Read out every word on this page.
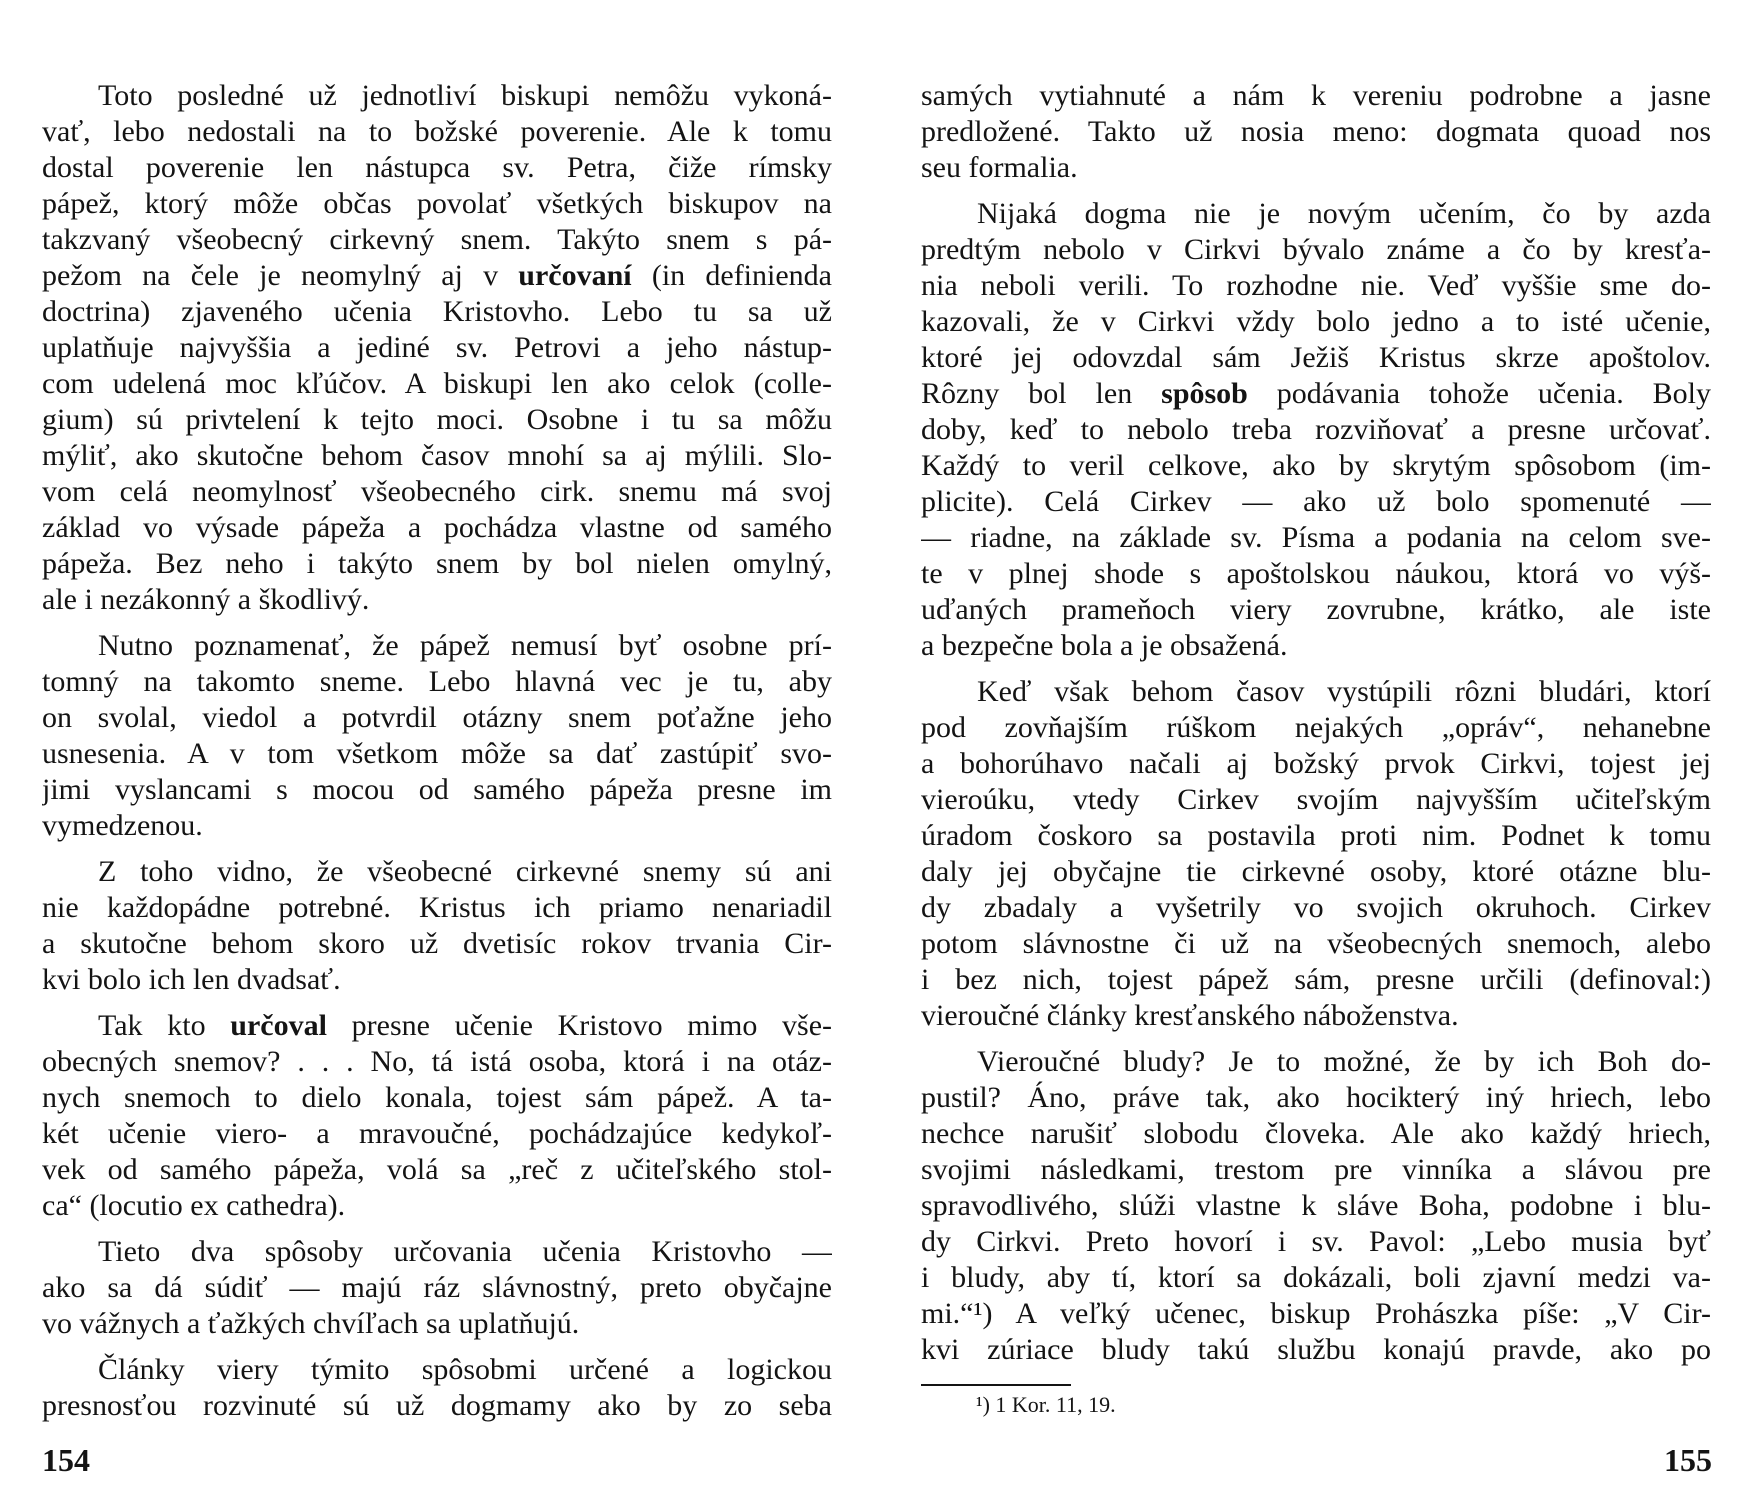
Toto posledné už jednotliví biskupi nemôžu vykoná-
vať, lebo nedostali na to božské poverenie. Ale k tomu
dostal poverenie len nástupca sv. Petra, čiže rímsky
pápež, ktorý môže občas povolať všetkých biskupov na
takzvaný všeobecný cirkevný snem. Takýto snem s pá-
pežom na čele je neomylný aj v určovaní (in definienda
doctrina) zjaveného učenia Kristovho. Lebo tu sa už
uplatňuje najvyššia a jediné sv. Petrovi a jeho nástup-
com udelená moc kľúčov. A biskupi len ako celok (colle-
gium) sú privtelení k tejto moci. Osobne i tu sa môžu
mýliť, ako skutočne behom časov mnohí sa aj mýlili. Slo-
vom celá neomylnosť všeobecného cirk. snemu má svoj
základ vo výsade pápeža a pochádza vlastne od samého
pápeža. Bez neho i takýto snem by bol nielen omylný,
ale i nezákonný a škodlivý.
Nutno poznamenať, že pápež nemusí byť osobne prí-
tomný na takomto sneme. Lebo hlavná vec je tu, aby
on svolal, viedol a potvrdil otázny snem poťažne jeho
usnesenia. A v tom všetkom môže sa dať zastúpiť svo-
jimi vyslancami s mocou od samého pápeža presne im
vymedzenou.
Z toho vidno, že všeobecné cirkevné snemy sú ani
nie každopádne potrebné. Kristus ich priamo nenariadil
a skutočne behom skoro už dvetisíc rokov trvania Cir-
kvi bolo ich len dvadsať.
Tak kto určoval presne učenie Kristovo mimo vše-
obecných snemov? . . . No, tá istá osoba, ktorá i na otáz-
nych snemoch to dielo konala, tojest sám pápež. A ta-
két učenie viero- a mravoučné, pochádzajúce kedykoľ-
vek od samého pápeža, volá sa „reč z učiteľského stol-
ca“ (locutio ex cathedra).
Tieto dva spôsoby určovania učenia Kristovho —
ako sa dá súdiť — majú ráz slávnostný, preto obyčajne
vo vážnych a ťažkých chvíľach sa uplatňujú.
Články viery týmito spôsobmi určené a logickou
presnosťou rozvinuté sú už dogmamy ako by zo seba
154
samých vytiahnuté a nám k vereniu podrobne a jasne
predložené. Takto už nosia meno: dogmata quoad nos
seu formalia.
Nijaká dogma nie je novým učením, čo by azda
predtým nebolo v Cirkvi bývalo známe a čo by kresťa-
nia neboli verili. To rozhodne nie. Veď vyššie sme do-
kazovali, že v Cirkvi vždy bolo jedno a to isté učenie,
ktoré jej odovzdal sám Ježiš Kristus skrze apoštolov.
Rôzny bol len spôsob podávania tohože učenia. Boly
doby, keď to nebolo treba rozviňovať a presne určovať.
Každý to veril celkove, ako by skrytým spôsobom (im-
plicite). Celá Cirkev — ako už bolo spomenuté —
— riadne, na základe sv. Písma a podania na celom sve-
te v plnej shode s apoštolskou náukou, ktorá vo výš-
uďaných prameňoch viery zovrubne, krátko, ale iste
a bezpečne bola a je obsažená.
Keď však behom časov vystúpili rôzni bludári, ktorí
pod zovňajším rúškom nejakých „opráv“, nehanebne
a bohorúhavo načali aj božský prvok Cirkvi, tojest jej
vieroúku, vtedy Cirkev svojím najvyšším učiteľským
úradom čoskoro sa postavila proti nim. Podnet k tomu
daly jej obyčajne tie cirkevné osoby, ktoré otázne blu-
dy zbadaly a vyšetrily vo svojich okruhoch. Cirkev
potom slávnostne či už na všeobecných snemoch, alebo
i bez nich, tojest pápež sám, presne určili (definoval:)
vieroučné články kresťanského náboženstva.
Vieroučné bludy? Je to možné, že by ich Boh do-
pustil? Áno, práve tak, ako hocikterý iný hriech, lebo
nechce narušiť slobodu človeka. Ale ako každý hriech,
svojimi následkami, trestom pre vinníka a slávou pre
spravodlivého, slúži vlastne k sláve Boha, podobne i blu-
dy Cirkvi. Preto hovorí i sv. Pavol: „Lebo musia byť
i bludy, aby tí, ktorí sa dokázali, boli zjavní medzi va-
mi.“¹) A veľký učenec, biskup Prohászka píše: „V Cir-
kvi zúriace bludy takú službu konajú pravde, ako po
¹) 1 Kor. 11, 19.
155
